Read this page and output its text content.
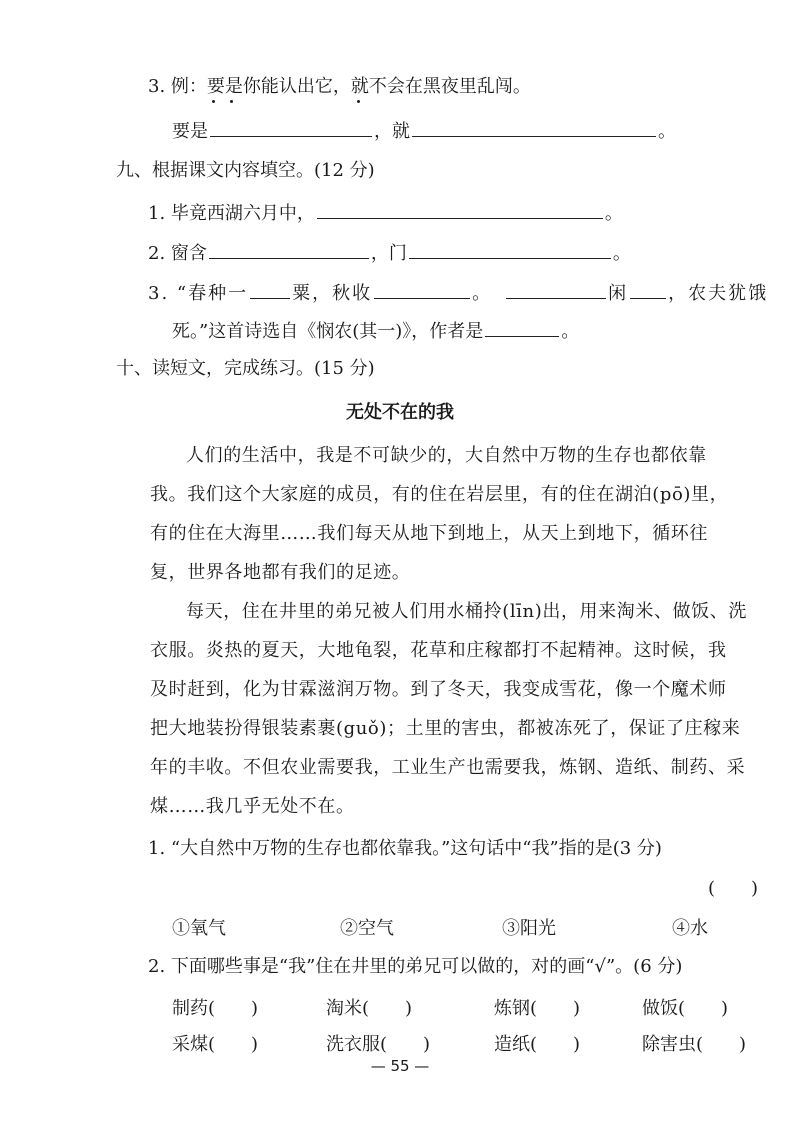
3. 例：要是
你能认出它，就
不会在黑夜里乱闯。
要是	，就	。
九、根据课文内容填空。(12 分)
1. 毕竟西湖六月中，	。
2. 窗含	，门	。
3. “春种一 粟，秋收	。	闲 ，农夫犹饿
死。”这首诗选自《悯农(其一)》，作者是	。
十、读短文，完成练习。(15 分)
无处不在的我
人们的生活中，我是不可缺少的，大自然中万物的生存也都依靠
我。我们这个大家庭的成员，有的住在岩层里，有的住在湖泊(pō)里，
有的住在大海里……我们每天从地下到地上，从天上到地下，循环往
复，世界各地都有我们的足迹。
每天，住在井里的弟兄被人们用水桶拎(līn)出，用来淘米、做饭、洗
衣服。炎热的夏天，大地龟裂，花草和庄稼都打不起精神。这时候，我
及时赶到，化为甘霖滋润万物。到了冬天，我变成雪花，像一个魔术师
把大地装扮得银装素裹(guǒ)；土里的害虫，都被冻死了，保证了庄稼来
年的丰收。不但农业需要我，工业生产也需要我，炼钢、造纸、制药、采
煤……我几乎无处不在。
1. “大自然中万物的生存也都依靠我。”这句话中“我”指的是(3 分)
(　　)
①氧气	②空气	③阳光	④水
2. 下面哪些事是“我”住在井里的弟兄可以做的，对的画“√”。(6 分)
制药(　　)	淘米(　　)	炼钢(　　)	做饭(　　)
采煤(　　)	洗衣服(　　)	造纸(　　)	除害虫(　　)
— 55 —
